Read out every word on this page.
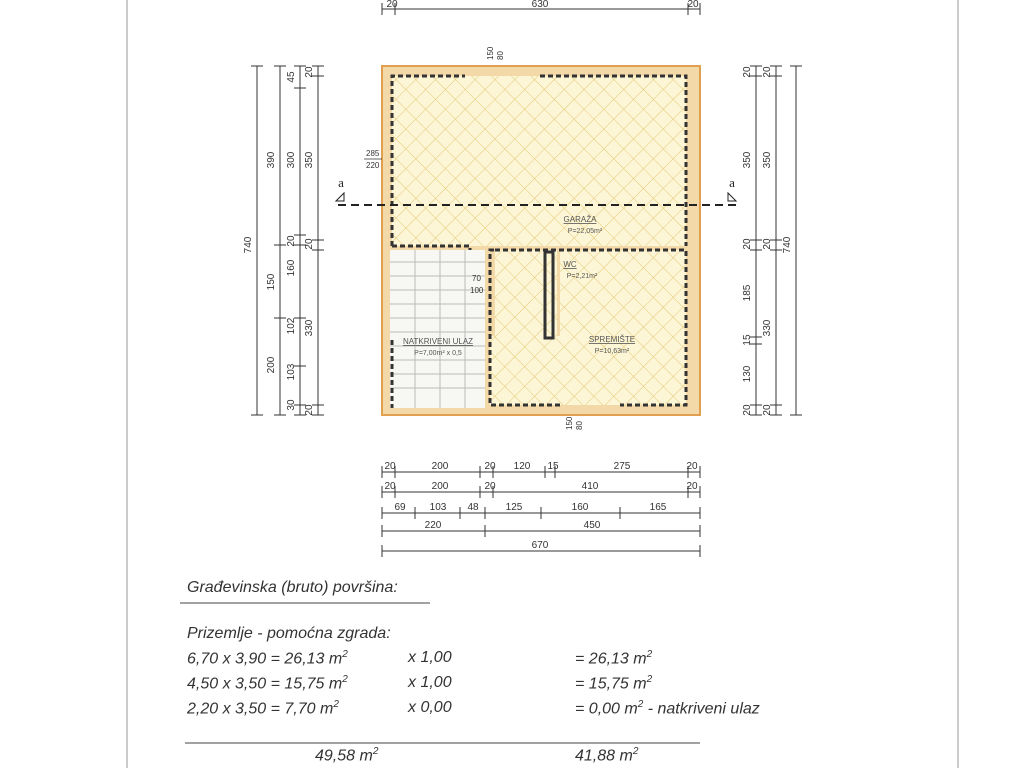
20	630	20
a	a
150 80
150 80
285
220
70
100
GARAŽA
P=22,05m²
WC
P=2,21m²
SPREMIŠTE
P=10,63m²
NATKRIVENI ULAZ
P=7,00m² x 0,5
740
390
150
200
45
300
20
160
102
103
30
20
350
20
330
20
20
350
20
185
15
130
20
20
350
20
330
20
740
20	200	20 120 15	275	20
20	200	20	410	20
69 103 48	125	160	165
220	450
670
Građevinska (bruto) površina:
Prizemlje - pomoćna zgrada:
6,70 x 3,90 = 26,13 $m^2$	x 1,00	= 26,13 $m^2$
4,50 x 3,50 = 15,75 $m^2$	x 1,00	= 15,75 $m^2$
2,20 x 3,50 = 7,70 $m^2$	x 0,00	= 0,00 $m^2$ - natkriveni ulaz
49,58 $m^2$	41,88 $m^2$
